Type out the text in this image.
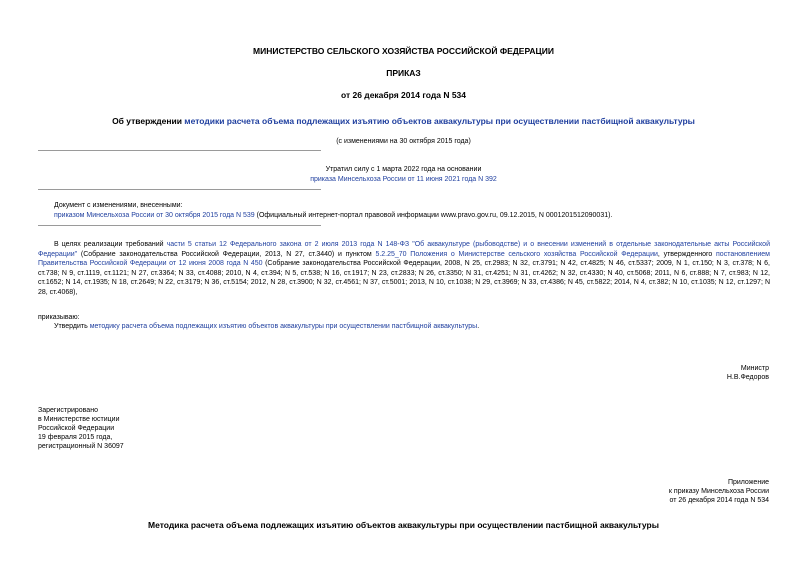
МИНИСТЕРСТВО СЕЛЬСКОГО ХОЗЯЙСТВА РОССИЙСКОЙ ФЕДЕРАЦИИ
ПРИКАЗ
от 26 декабря 2014 года N 534
Об утверждении методики расчета объема подлежащих изъятию объектов аквакультуры при осуществлении пастбищной аквакультуры
(с изменениями на 30 октября 2015 года)
Утратил силу с 1 марта 2022 года на основании
приказа Минсельхоза России от 11 июня 2021 года N 392
Документ с изменениями, внесенными:
приказом Минсельхоза России от 30 октября 2015 года N 539 (Официальный интернет-портал правовой информации www.pravo.gov.ru, 09.12.2015, N 0001201512090031).
В целях реализации требований части 5 статьи 12 Федерального закона от 2 июля 2013 года N 148-ФЗ "Об аквакультуре (рыбоводстве) и о внесении изменений в отдельные законодательные акты Российской Федерации" (Собрание законодательства Российской Федерации, 2013, N 27, ст.3440) и пунктом 5.2.25_70 Положения о Министерстве сельского хозяйства Российской Федерации, утвержденного постановлением Правительства Российской Федерации от 12 июня 2008 года N 450 (Собрание законодательства Российской Федерации, 2008, N 25, ст.2983; N 32, ст.3791; N 42, ст.4825; N 46, ст.5337; 2009, N 1, ст.150; N 3, ст.378; N 6, ст.738; N 9, ст.1119, ст.1121; N 27, ст.3364; N 33, ст.4088; 2010, N 4, ст.394; N 5, ст.538; N 16, ст.1917; N 23, ст.2833; N 26, ст.3350; N 31, ст.4251; N 31, ст.4262; N 32, ст.4330; N 40, ст.5068; 2011, N 6, ст.888; N 7, ст.983; N 12, ст.1652; N 14, ст.1935; N 18, ст.2649; N 22, ст.3179; N 36, ст.5154; 2012, N 28, ст.3900; N 32, ст.4561; N 37, ст.5001; 2013, N 10, ст.1038; N 29, ст.3969; N 33, ст.4386; N 45, ст.5822; 2014, N 4, ст.382; N 10, ст.1035; N 12, ст.1297; N 28, ст.4068),
приказываю:
Утвердить методику расчета объема подлежащих изъятию объектов аквакультуры при осуществлении пастбищной аквакультуры.
Министр
Н.В.Федоров
Зарегистрировано
в Министерстве юстиции
Российской Федерации
19 февраля 2015 года,
регистрационный N 36097
Приложение
к приказу Минсельхоза России
от 26 декабря 2014 года N 534
Методика расчета объема подлежащих изъятию объектов аквакультуры при осуществлении пастбищной аквакультуры
